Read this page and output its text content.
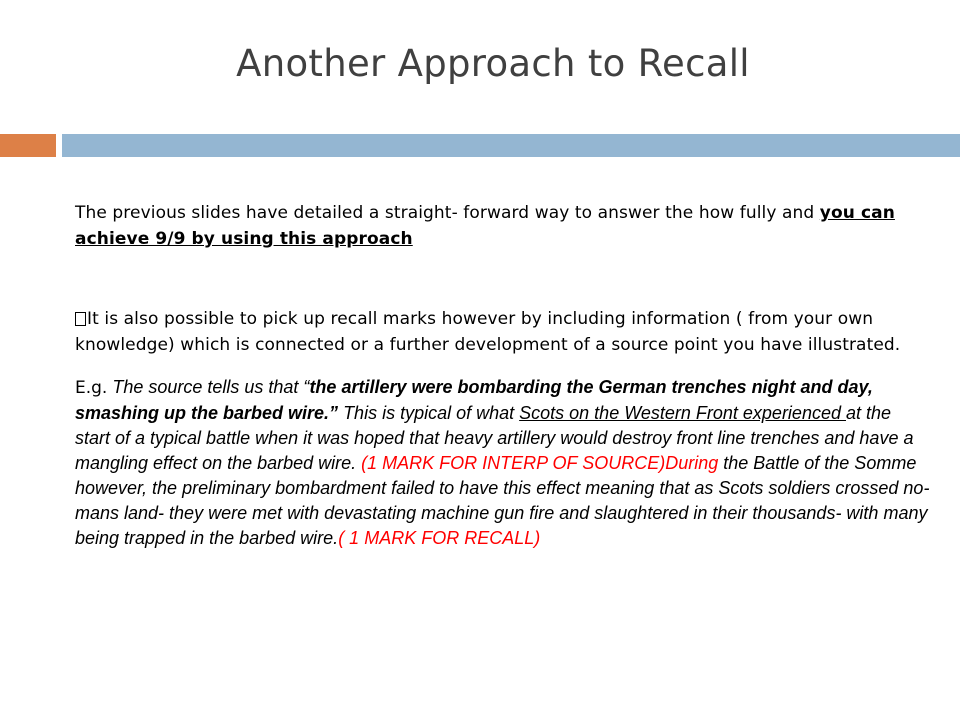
Another Approach to Recall

The previous slides have detailed a straight- forward way to answer the how fully and you can achieve 9/9 by using this approach

It is also possible to pick up recall marks however by including information ( from your own knowledge) which is connected or a further development of a source point you have illustrated.

E.g. The source tells us that “the artillery were bombarding the German trenches night and day, smashing up the barbed wire.” This is typical of what Scots on the Western Front experienced at the start of a typical battle when it was hoped that heavy artillery would destroy front line trenches and have a mangling effect on the barbed wire. (1 MARK FOR INTERP OF SOURCE)During the Battle of the Somme however, the preliminary bombardment failed to have this effect meaning that as Scots soldiers crossed no-mans land- they were met with devastating machine gun fire and slaughtered in their thousands- with many being trapped in the barbed wire.( 1 MARK FOR RECALL)
